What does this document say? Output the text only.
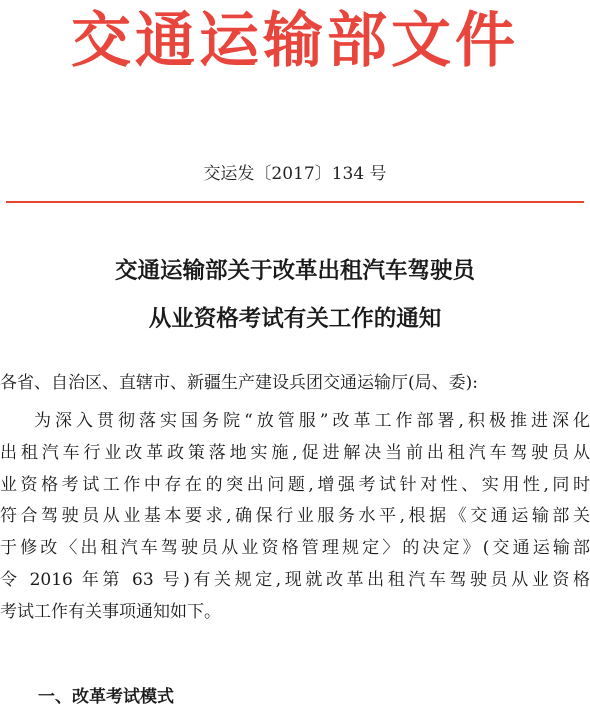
交通运输部文件
交运发〔2017〕134 号
交通运输部关于改革出租汽车驾驶员
从业资格考试有关工作的通知
各省、自治区、直辖市、新疆生产建设兵团交通运输厅(局、委):
为深入贯彻落实国务院“放管服”改革工作部署,积极推进深化
出租汽车行业改革政策落地实施,促进解决当前出租汽车驾驶员从
业资格考试工作中存在的突出问题,增强考试针对性、实用性,同时
符合驾驶员从业基本要求,确保行业服务水平,根据《交通运输部关
于修改〈出租汽车驾驶员从业资格管理规定〉的决定》(交通运输部
令 2016 年第 63 号)有关规定,现就改革出租汽车驾驶员从业资格
考试工作有关事项通知如下。
一、改革考试模式
